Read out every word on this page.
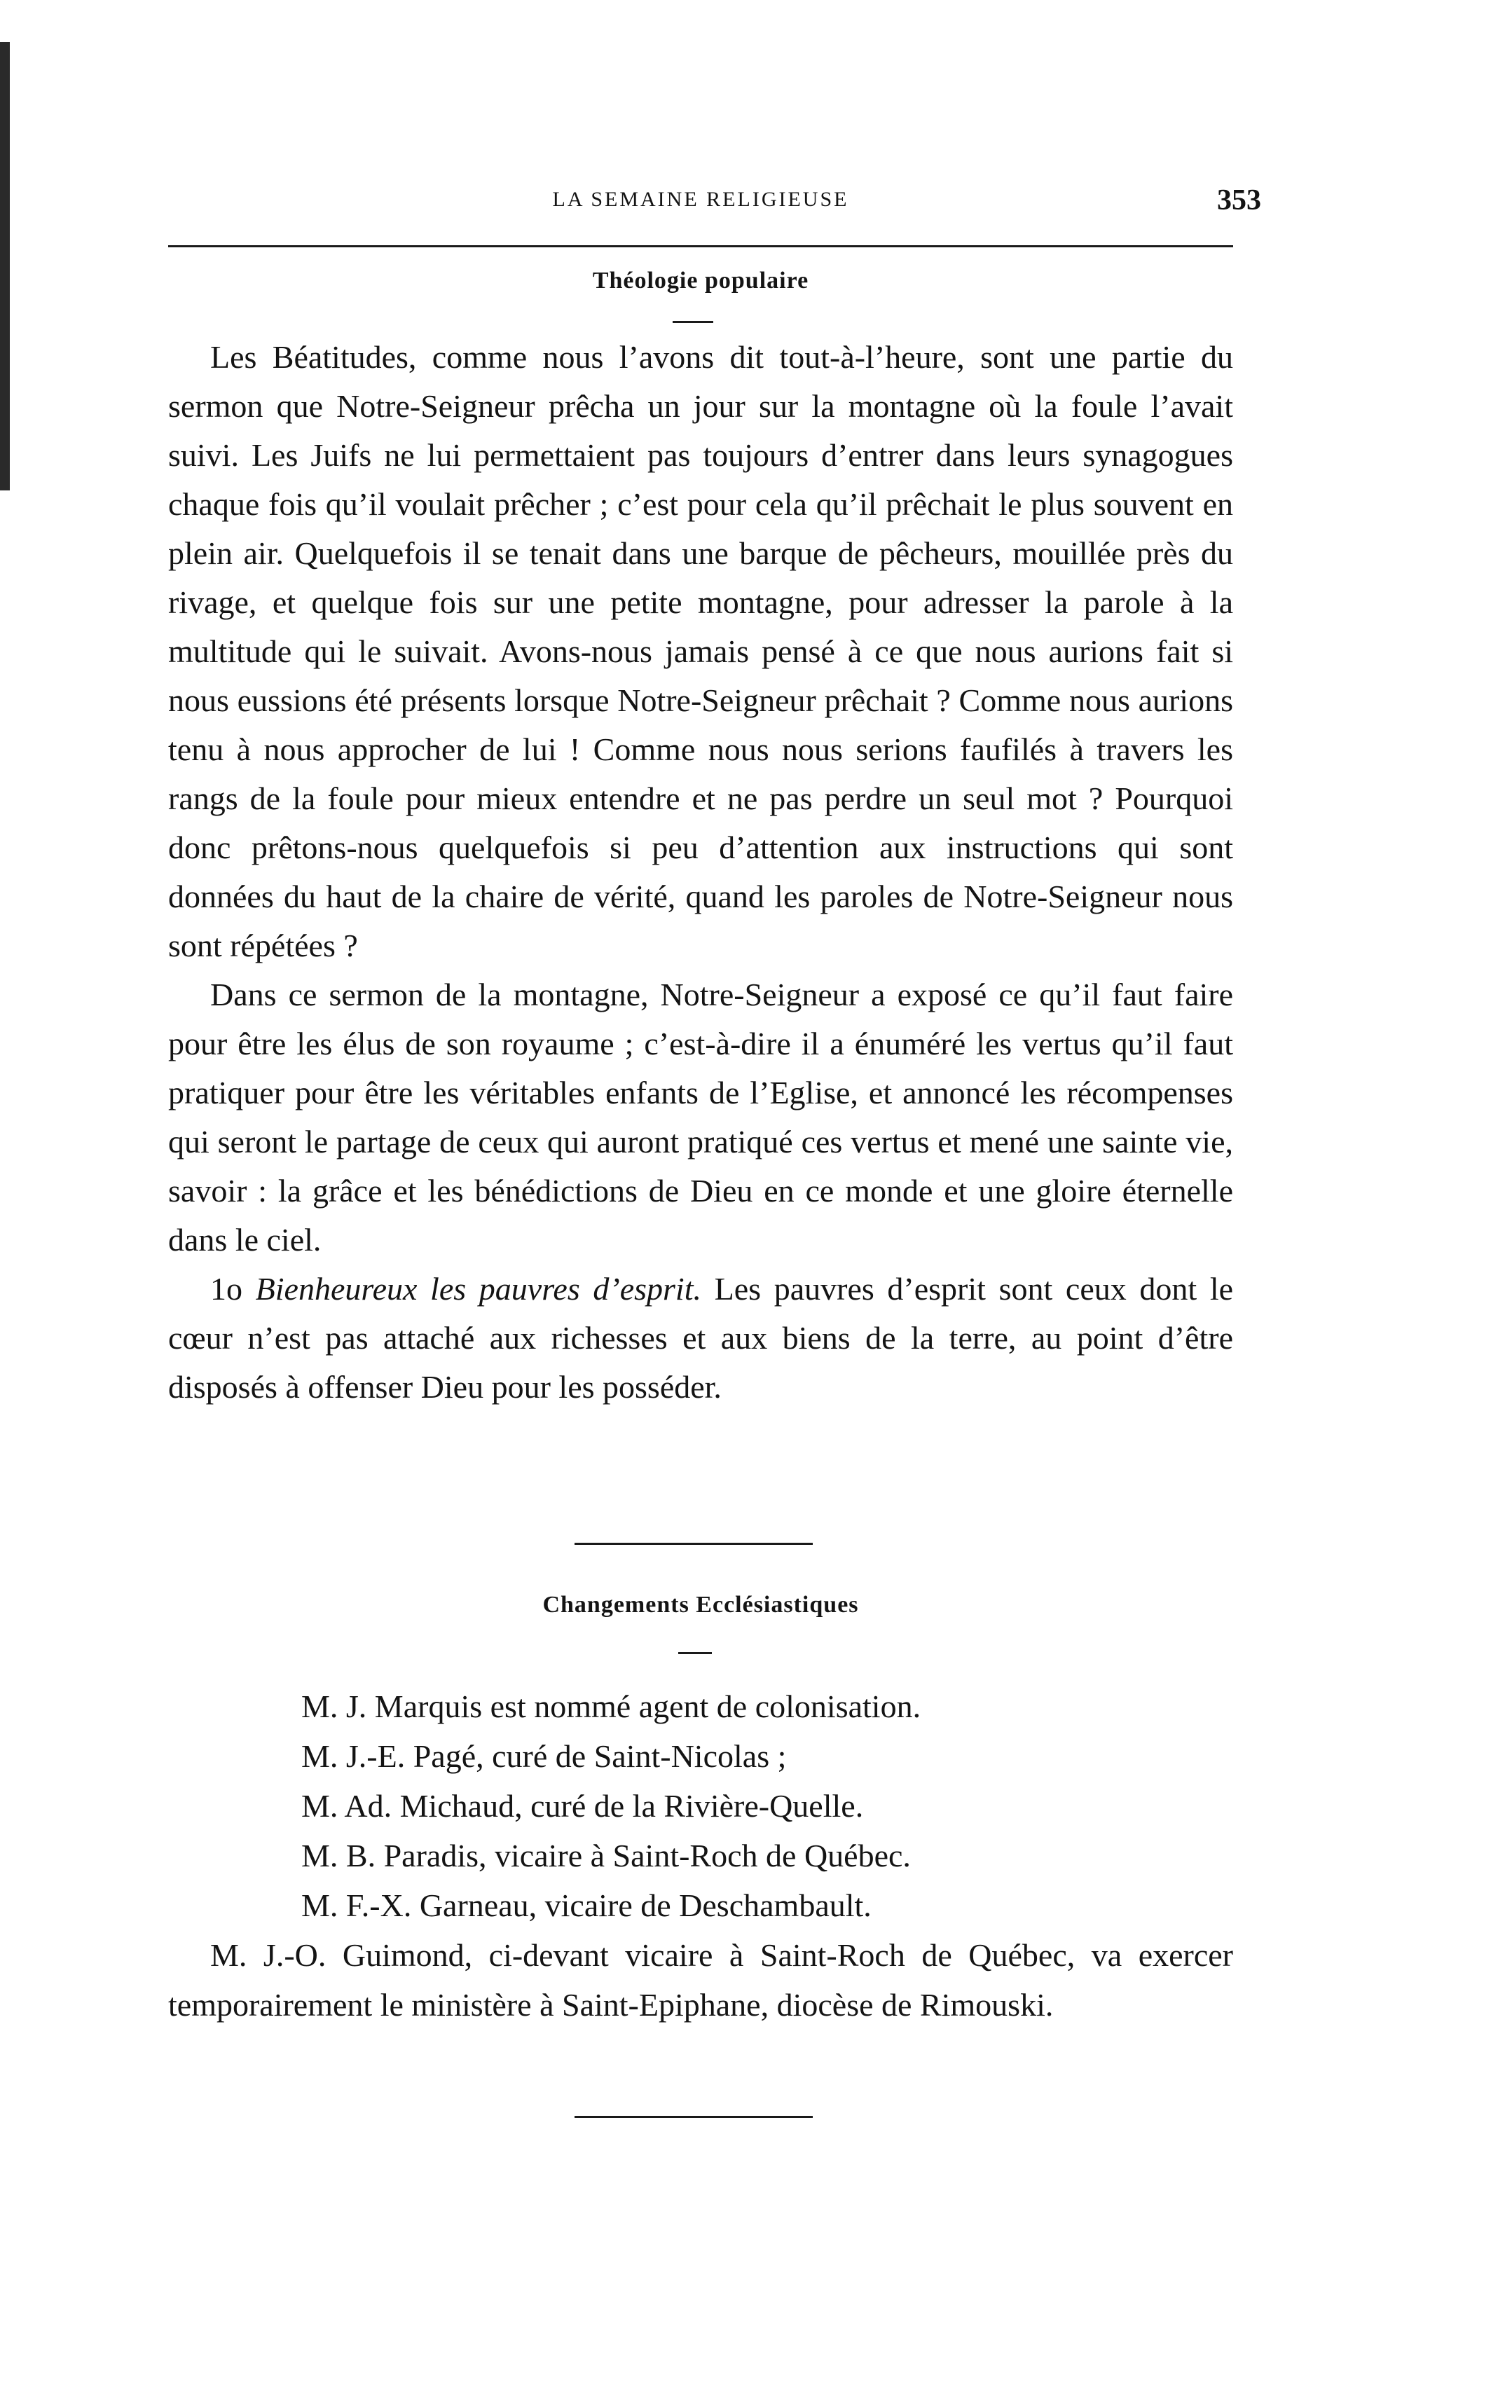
LA SEMAINE RELIGIEUSE	353
Théologie populaire

Les Béatitudes, comme nous l’avons dit tout-à-l’heure, sont une partie du sermon que Notre-Seigneur prêcha un jour sur la montagne où la foule l’avait suivi. Les Juifs ne lui permettaient pas toujours d’entrer dans leurs synagogues chaque fois qu’il voulait prêcher ; c’est pour cela qu’il prêchait le plus souvent en plein air. Quelquefois il se tenait dans une barque de pêcheurs, mouillée près du rivage, et quelque fois sur une petite montagne, pour adresser la parole à la multitude qui le suivait. Avons-nous jamais pensé à ce que nous aurions fait si nous eussions été présents lorsque Notre-Seigneur prêchait ? Comme nous aurions tenu à nous approcher de lui ! Comme nous nous serions faufilés à travers les rangs de la foule pour mieux entendre et ne pas perdre un seul mot ? Pourquoi donc prêtons-nous quelquefois si peu d’attention aux instructions qui sont données du haut de la chaire de vérité, quand les paroles de Notre-Seigneur nous sont répétées ?

Dans ce sermon de la montagne, Notre-Seigneur a exposé ce qu’il faut faire pour être les élus de son royaume ; c’est-à-dire il a énuméré les vertus qu’il faut pratiquer pour être les véritables enfants de l’Eglise, et annoncé les récompenses qui seront le partage de ceux qui auront pratiqué ces vertus et mené une sainte vie, savoir : la grâce et les bénédictions de Dieu en ce monde et une gloire éternelle dans le ciel.

1o Bienheureux les pauvres d’esprit. Les pauvres d’esprit sont ceux dont le cœur n’est pas attaché aux richesses et aux biens de la terre, au point d’être disposés à offenser Dieu pour les posséder.

Changements Ecclésiastiques
M. J. Marquis est nommé agent de colonisation.
M. J.-E. Pagé, curé de Saint-Nicolas ;
M. Ad. Michaud, curé de la Rivière-Quelle.
M. B. Paradis, vicaire à Saint-Roch de Québec.
M. F.-X. Garneau, vicaire de Deschambault.
M. J.-O. Guimond, ci-devant vicaire à Saint-Roch de Québec, va exercer temporairement le ministère à Saint-Epiphane, diocèse de Rimouski.
